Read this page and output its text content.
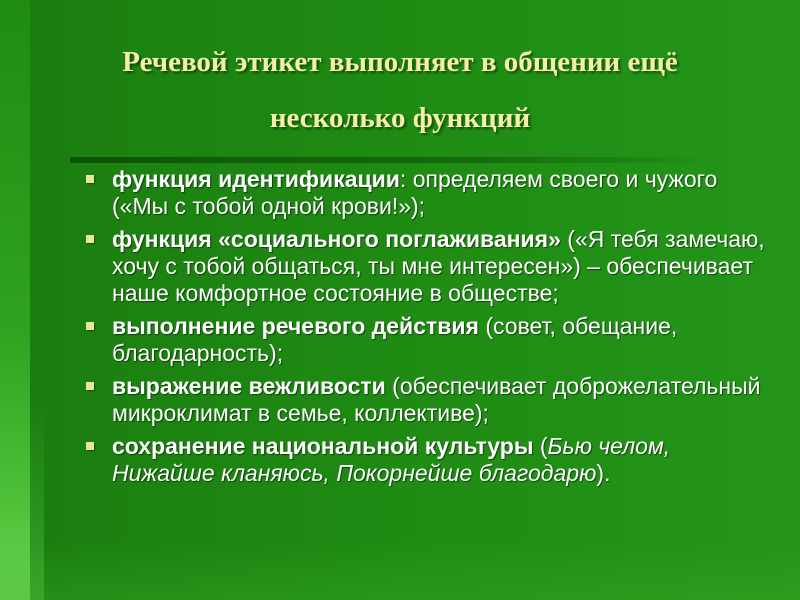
Речевой этикет выполняет в общении ещё
несколько функций
функция идентификации: определяем своего и чужого («Мы с тобой одной крови!»);
функция «социального поглаживания» («Я тебя замечаю, хочу с тобой общаться, ты мне интересен») – обеспечивает наше комфортное состояние в обществе;
выполнение речевого действия (совет, обещание, благодарность);
выражение вежливости (обеспечивает доброжелательный микроклимат в семье, коллективе);
сохранение национальной культуры (Бью челом, Нижайше кланяюсь, Покорнейше благодарю).
